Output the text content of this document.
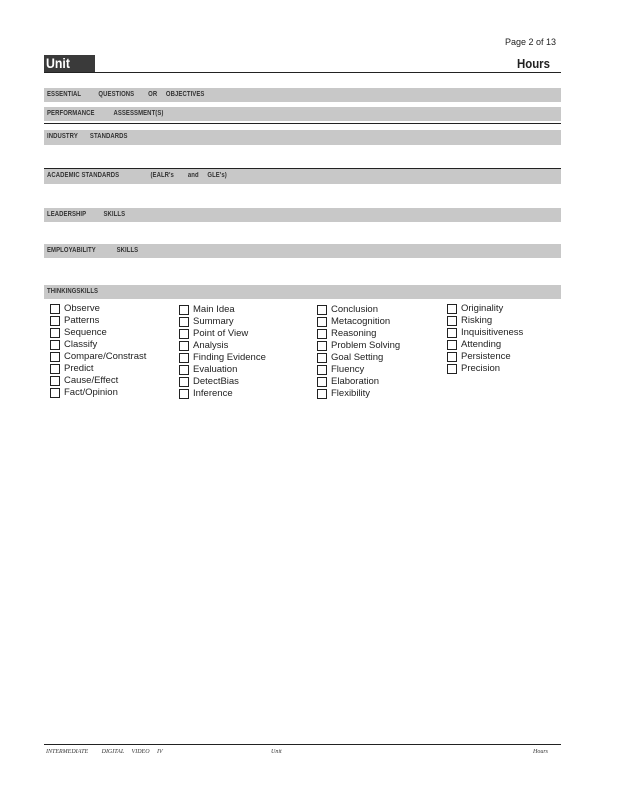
Page 2 of 13
Unit	Hours
ESSENTIAL          QUESTIONS        OR     OBJECTIVES
PERFORMANCE           ASSESSMENT(S)
INDUSTRY       STANDARDS
ACADEMIC STANDARDS                  (EALR's        and     GLE's)
LEADERSHIP          SKILLS
EMPLOYABILITY            SKILLS
THINKINGSKILLS
Observe
Patterns
Sequence
Classify
Compare/Constrast
Predict
Cause/Effect
Fact/Opinion
Main Idea
Summary
Point of View
Analysis
Finding Evidence
Evaluation
DetectBias
Inference
Conclusion
Metacognition
Reasoning
Problem Solving
Goal Setting
Fluency
Elaboration
Flexibility
Originality
Risking
Inquisitiveness
Attending
Persistence
Precision
INTERMEDIATE         DIGITAL     VIDEO     IV	Unit	Hours
